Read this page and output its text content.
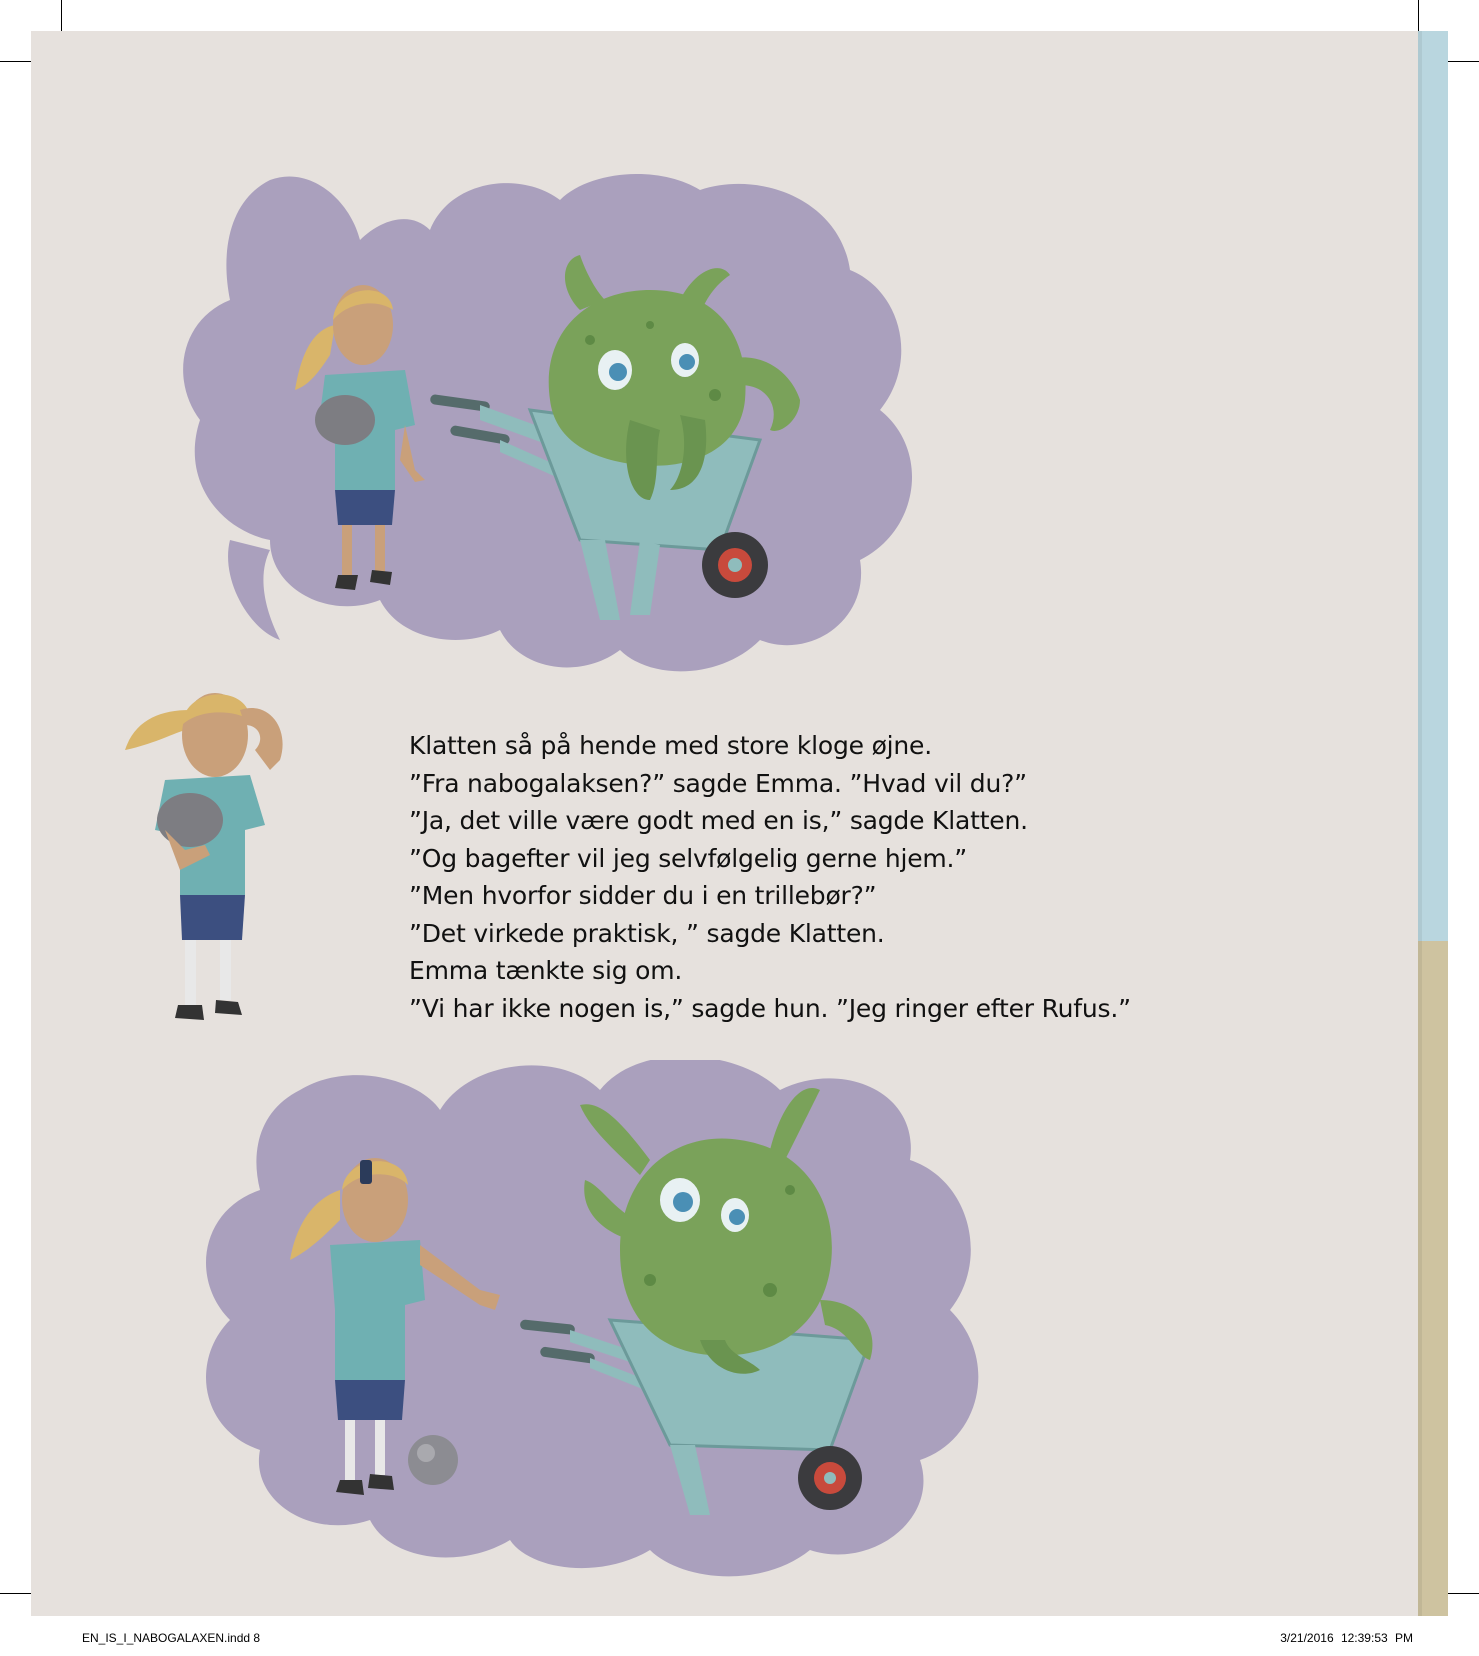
Klatten så på hende med store kloge øjne.
”Fra nabogalaksen?” sagde Emma. ”Hvad vil du?”
”Ja, det ville være godt med en is,” sagde Klatten.
”Og bagefter vil jeg selvfølgelig gerne hjem.”
”Men hvorfor sidder du i en trillebør?”
”Det virkede praktisk, ” sagde Klatten.
Emma tænkte sig om.
”Vi har ikke nogen is,” sagde hun. ”Jeg ringer efter Rufus.”
EN_IS_I_NABOGALAXEN.indd 8	3/21/2016 12:39:53 PM
